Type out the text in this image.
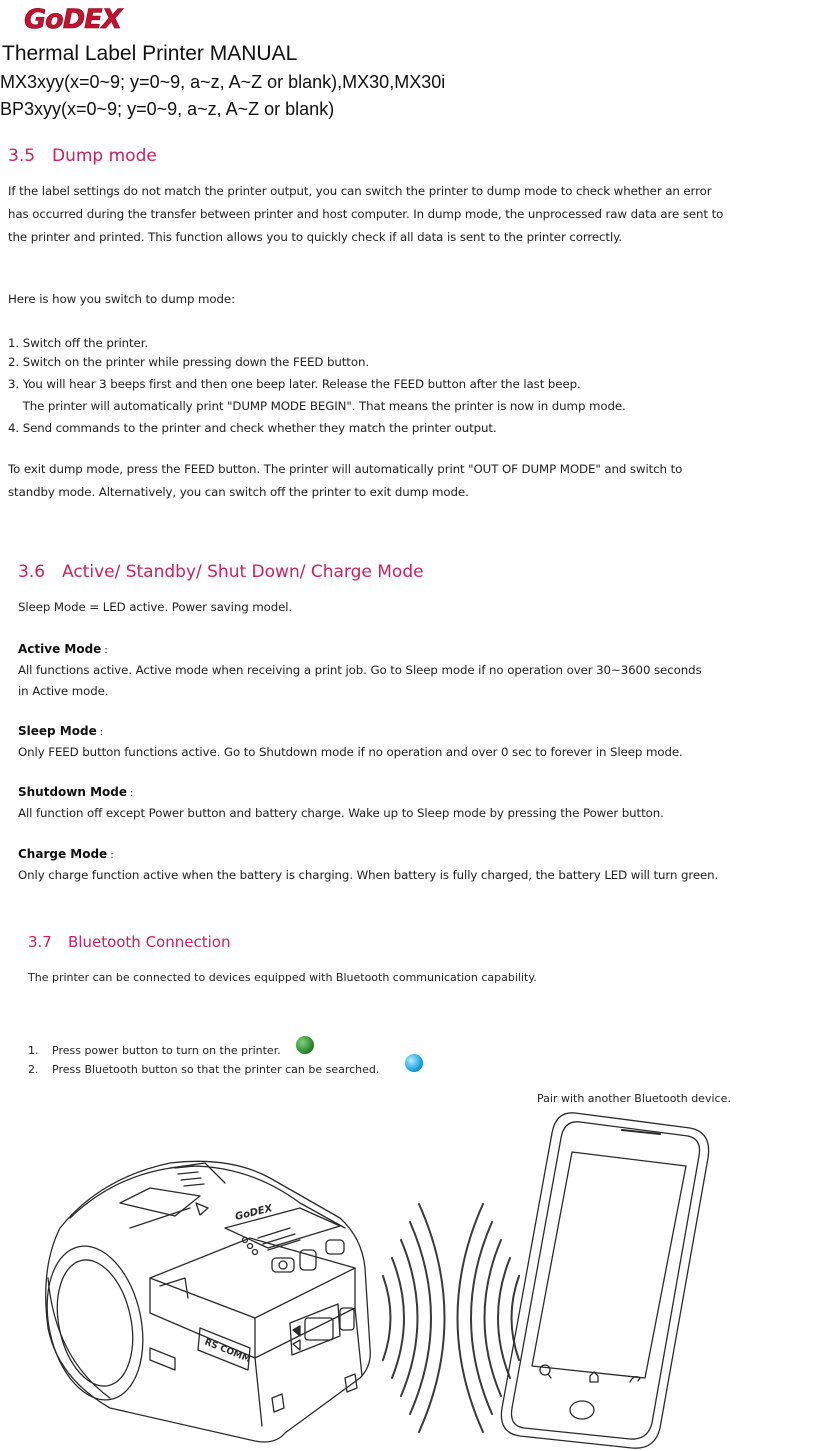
GoDEX
Thermal Label Printer MANUAL
MX3xyy(x=0~9; y=0~9, a~z, A~Z or blank),MX30,MX30i
BP3xyy(x=0~9; y=0~9, a~z, A~Z or blank)
3.5 Dump mode
If the label settings do not match the printer output, you can switch the printer to dump mode to check whether an error
has occurred during the transfer between printer and host computer. In dump mode, the unprocessed raw data are sent to
the printer and printed. This function allows you to quickly check if all data is sent to the printer correctly.
Here is how you switch to dump mode:
1. Switch off the printer.
2. Switch on the printer while pressing down the FEED button.
3. You will hear 3 beeps first and then one beep later. Release the FEED button after the last beep.
The printer will automatically print "DUMP MODE BEGIN". That means the printer is now in dump mode.
4. Send commands to the printer and check whether they match the printer output.
To exit dump mode, press the FEED button. The printer will automatically print "OUT OF DUMP MODE" and switch to
standby mode. Alternatively, you can switch off the printer to exit dump mode.
3.6 Active/ Standby/ Shut Down/ Charge Mode
Sleep Mode = LED active. Power saving model.
Active Mode :
All functions active. Active mode when receiving a print job. Go to Sleep mode if no operation over 30~3600 seconds
in Active mode.
Sleep Mode :
Only FEED button functions active. Go to Shutdown mode if no operation and over 0 sec to forever in Sleep mode.
Shutdown Mode :
All function off except Power button and battery charge. Wake up to Sleep mode by pressing the Power button.
Charge Mode :
Only charge function active when the battery is charging. When battery is fully charged, the battery LED will turn green.
3.7 Bluetooth Connection
The printer can be connected to devices equipped with Bluetooth communication capability.
1. Press power button to turn on the printer.
2. Press Bluetooth button so that the printer can be searched.
Pair with another Bluetooth device.
GoDEX
RS COMM
